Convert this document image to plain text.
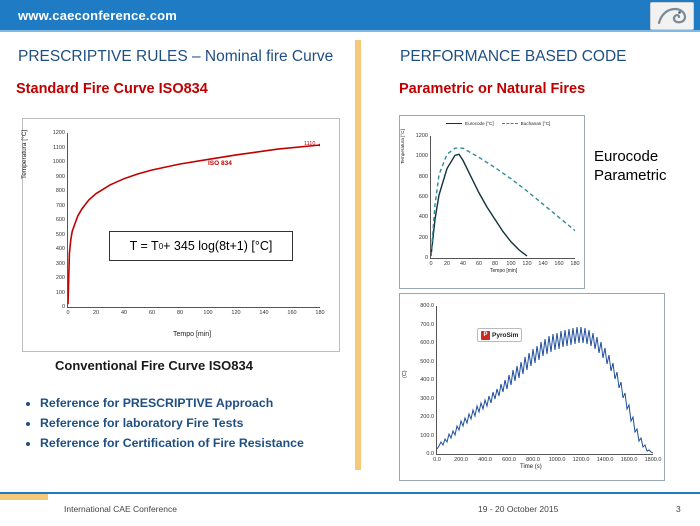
www.caeconference.com
PRESCRIPTIVE RULES – Nominal fire Curve
Standard Fire Curve ISO834
Temperatura [°C]
Tempo [min]
0
100
200
300
400
500
600
700
800
900
1000
1100
1200
0	20	40	60	80	100	120	140	160	180
ISO 834
1110
T = T 0 + 345 log(8t+1) [°C]
Conventional Fire Curve ISO834
• Reference for PRESCRIPTIVE Approach
• Reference for laboratory Fire Tests
• Reference for Certification of Fire Resistance
PERFORMANCE BASED CODE
Parametric or Natural Fires
Eurocode [°C]	Buchanan [°C]
Temperatura [°C]
Tempo [min]
0
200
400
600
800
1000
1200
0 20 40 60 80 100 120 140 160 180
Eurocode
Parametric
(C)
Time (s)
0.0
100.0
200.0
300.0
400.0
500.0
600.0
700.0
800.0
0.0 200.0 400.0 600.0 800.0 1000.0 1200.0 1400.0 1600.0 1800.0
P PyroSim
International CAE Conference	19 - 20 October 2015	3
